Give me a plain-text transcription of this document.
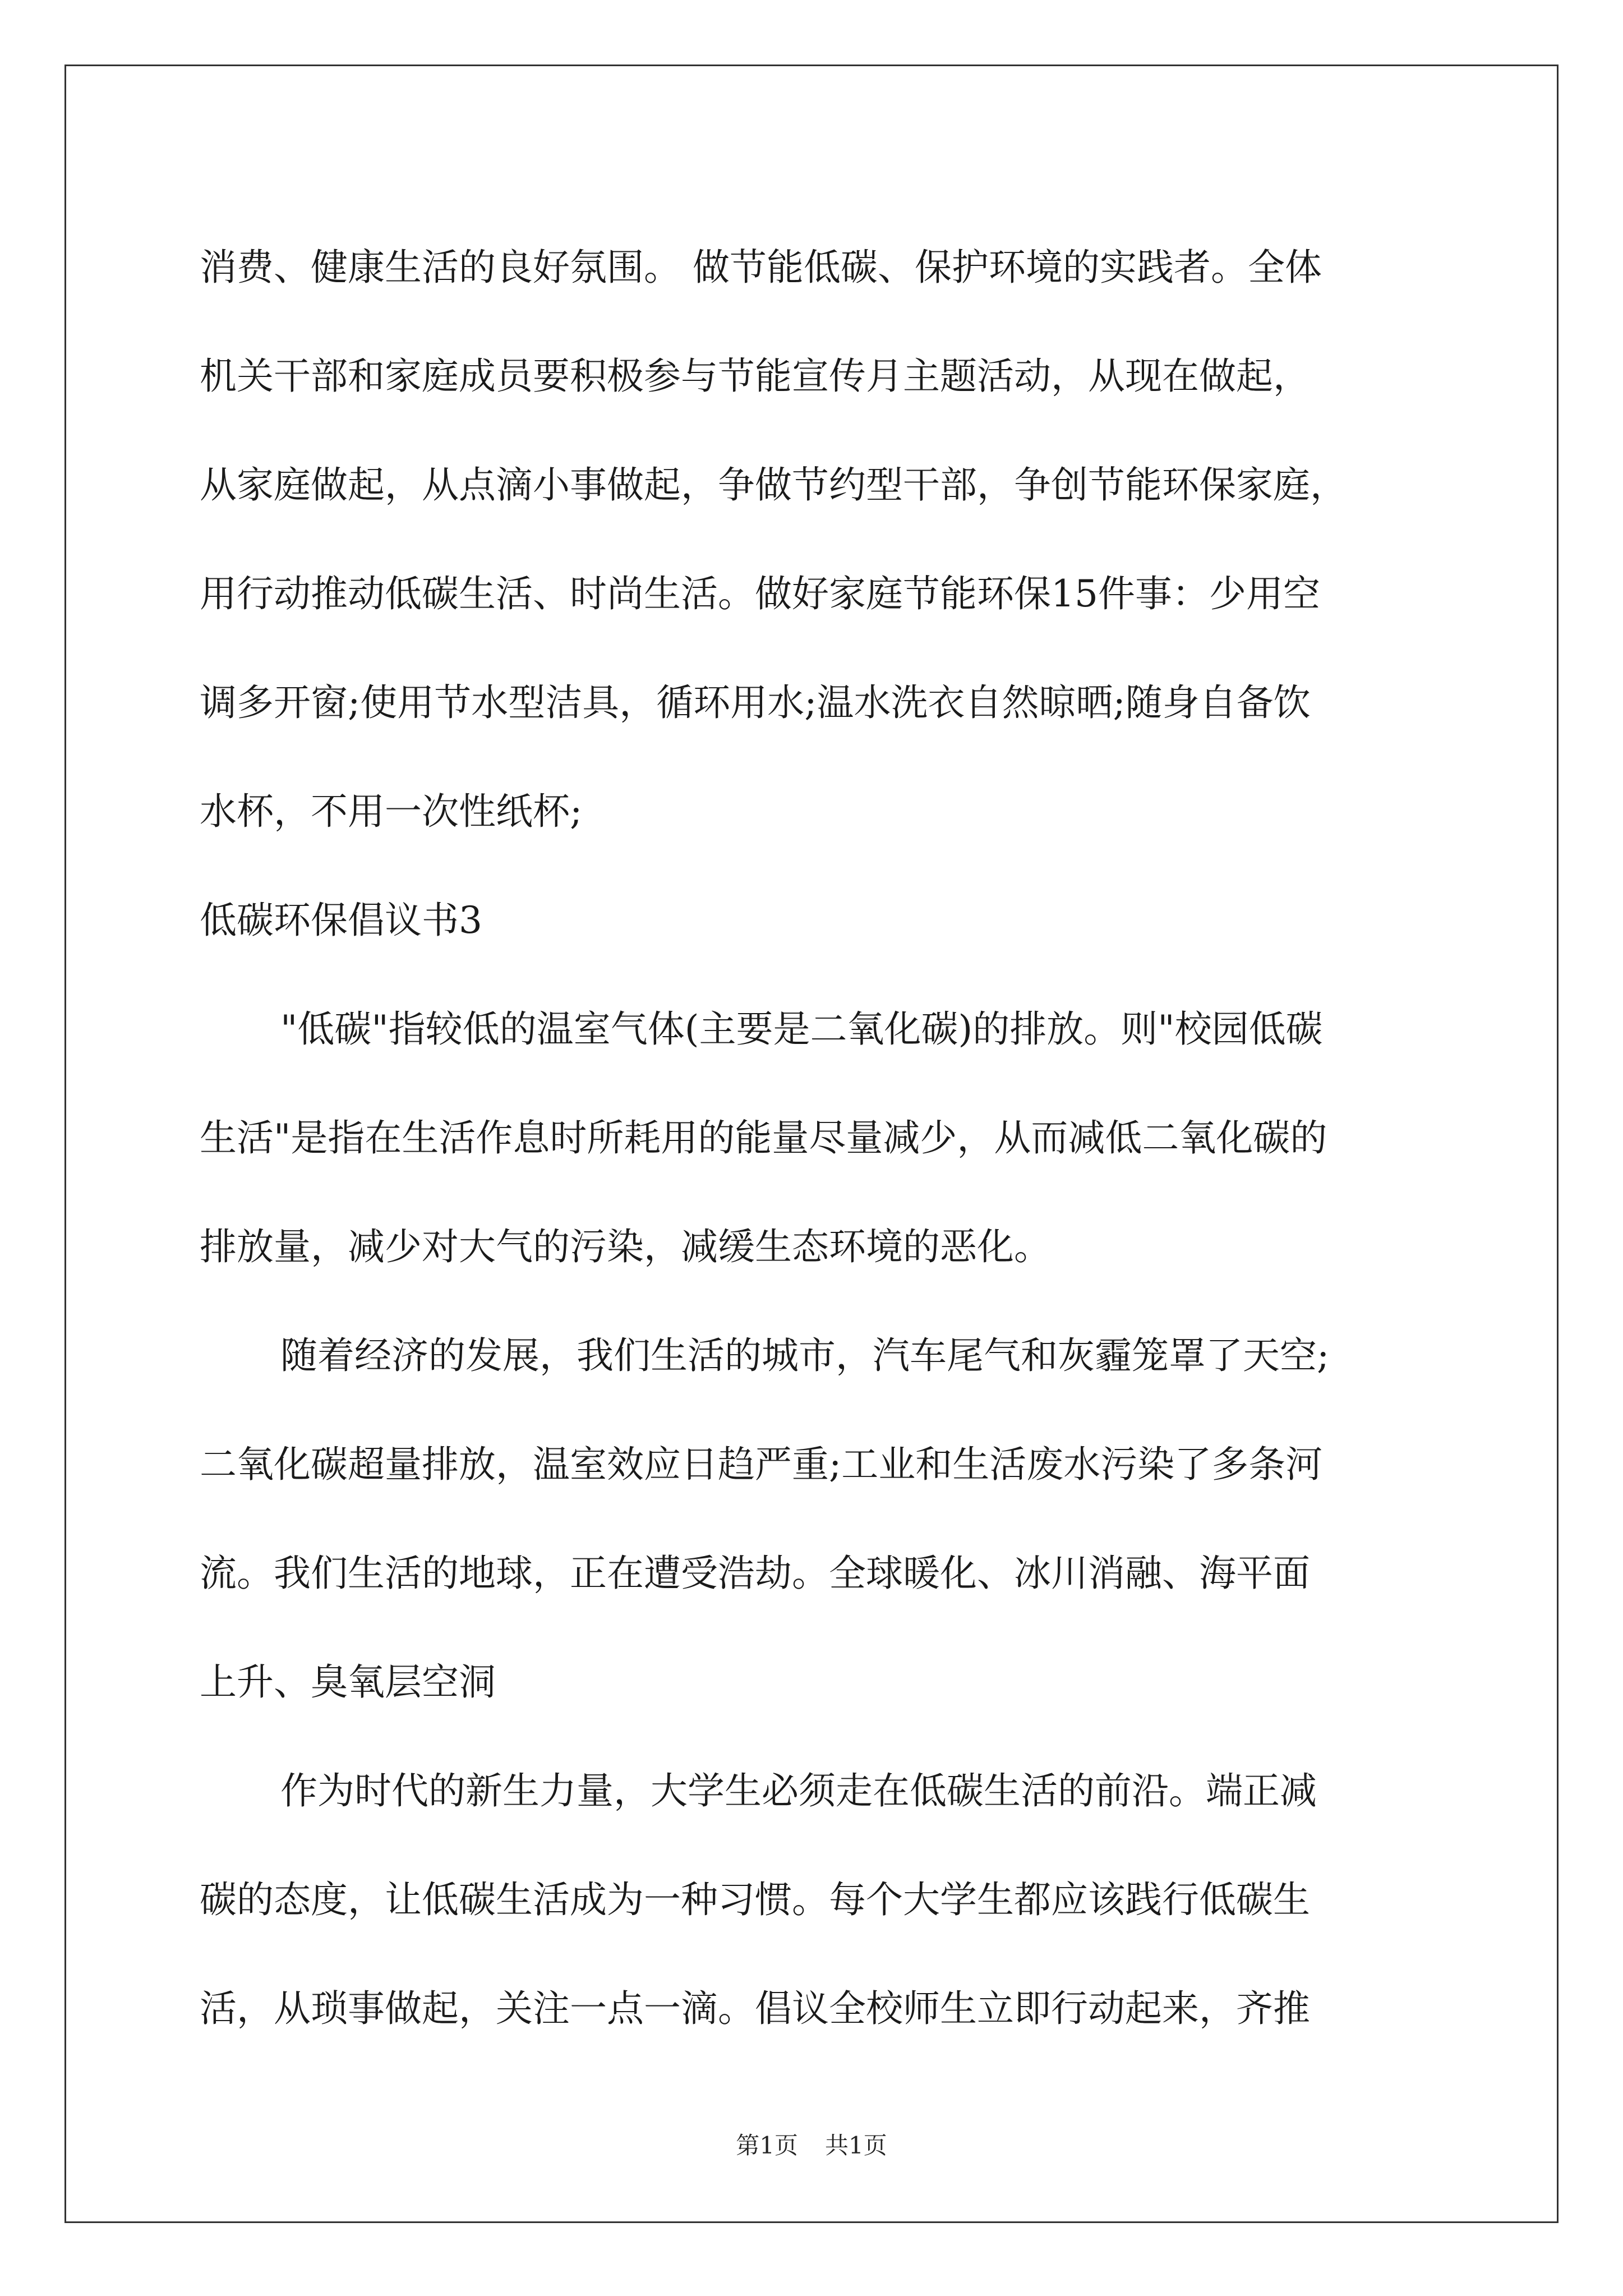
消费、健康生活的良好氛围。 做节能低碳、保护环境的实践者。全体
机关干部和家庭成员要积极参与节能宣传月主题活动，从现在做起，
从家庭做起，从点滴小事做起，争做节约型干部，争创节能环保家庭，
用行动推动低碳生活、时尚生活。做好家庭节能环保15件事：少用空
调多开窗;使用节水型洁具，循环用水;温水洗衣自然晾晒;随身自备饮
水杯，不用一次性纸杯;
低碳环保倡议书3
"低碳"指较低的温室气体(主要是二氧化碳)的排放。则"校园低碳
生活"是指在生活作息时所耗用的能量尽量减少，从而减低二氧化碳的
排放量，减少对大气的污染，减缓生态环境的恶化。
随着经济的发展，我们生活的城市，汽车尾气和灰霾笼罩了天空;
二氧化碳超量排放，温室效应日趋严重;工业和生活废水污染了多条河
流。我们生活的地球，正在遭受浩劫。全球暖化、冰川消融、海平面
上升、臭氧层空洞
作为时代的新生力量，大学生必须走在低碳生活的前沿。端正减
碳的态度，让低碳生活成为一种习惯。每个大学生都应该践行低碳生
活，从琐事做起，关注一点一滴。倡议全校师生立即行动起来，齐推
第1页 共1页
